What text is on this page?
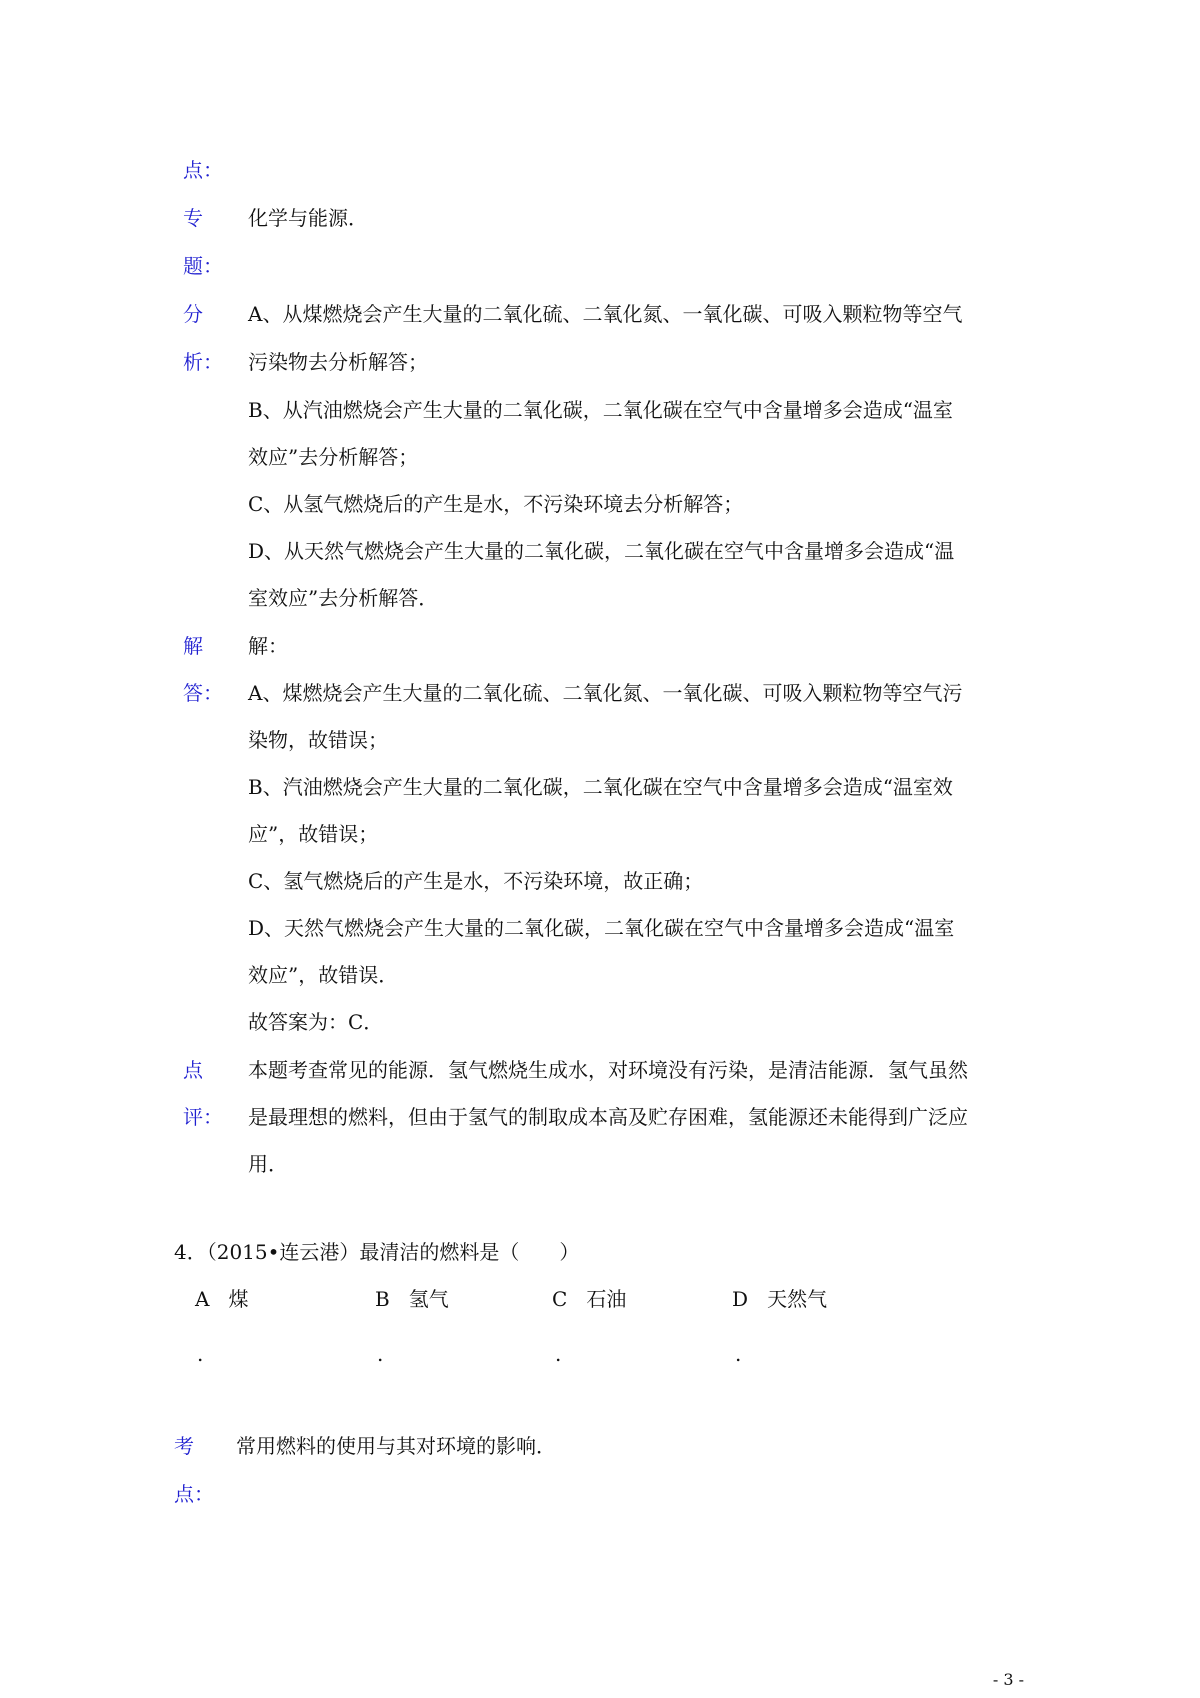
点：
专 化学与能源．
题：
分
析：
A、从煤燃烧会产生大量的二氧化硫、二氧化氮、一氧化碳、可吸入颗粒物等空气
污染物去分析解答；
B、从汽油燃烧会产生大量的二氧化碳，二氧化碳在空气中含量增多会造成“温室
效应”去分析解答；
C、从氢气燃烧后的产生是水，不污染环境去分析解答；
D、从天然气燃烧会产生大量的二氧化碳，二氧化碳在空气中含量增多会造成“温
室效应”去分析解答．
解
答：
解：
A、煤燃烧会产生大量的二氧化硫、二氧化氮、一氧化碳、可吸入颗粒物等空气污
染物，故错误；
B、汽油燃烧会产生大量的二氧化碳，二氧化碳在空气中含量增多会造成“温室效
应”，故错误；
C、氢气燃烧后的产生是水，不污染环境，故正确；
D、天然气燃烧会产生大量的二氧化碳，二氧化碳在空气中含量增多会造成“温室
效应”，故错误．
故答案为：C．
点
评：
本题考查常见的能源．氢气燃烧生成水，对环境没有污染，是清洁能源．氢气虽然
是最理想的燃料，但由于氢气的制取成本高及贮存困难，氢能源还未能得到广泛应
用．
4．（2015•连云港）最清洁的燃料是（　　）
A 煤	B 氢气	C 石油	D 天然气
.	.	.	.
考 常用燃料的使用与其对环境的影响．
点：
- 3 -
